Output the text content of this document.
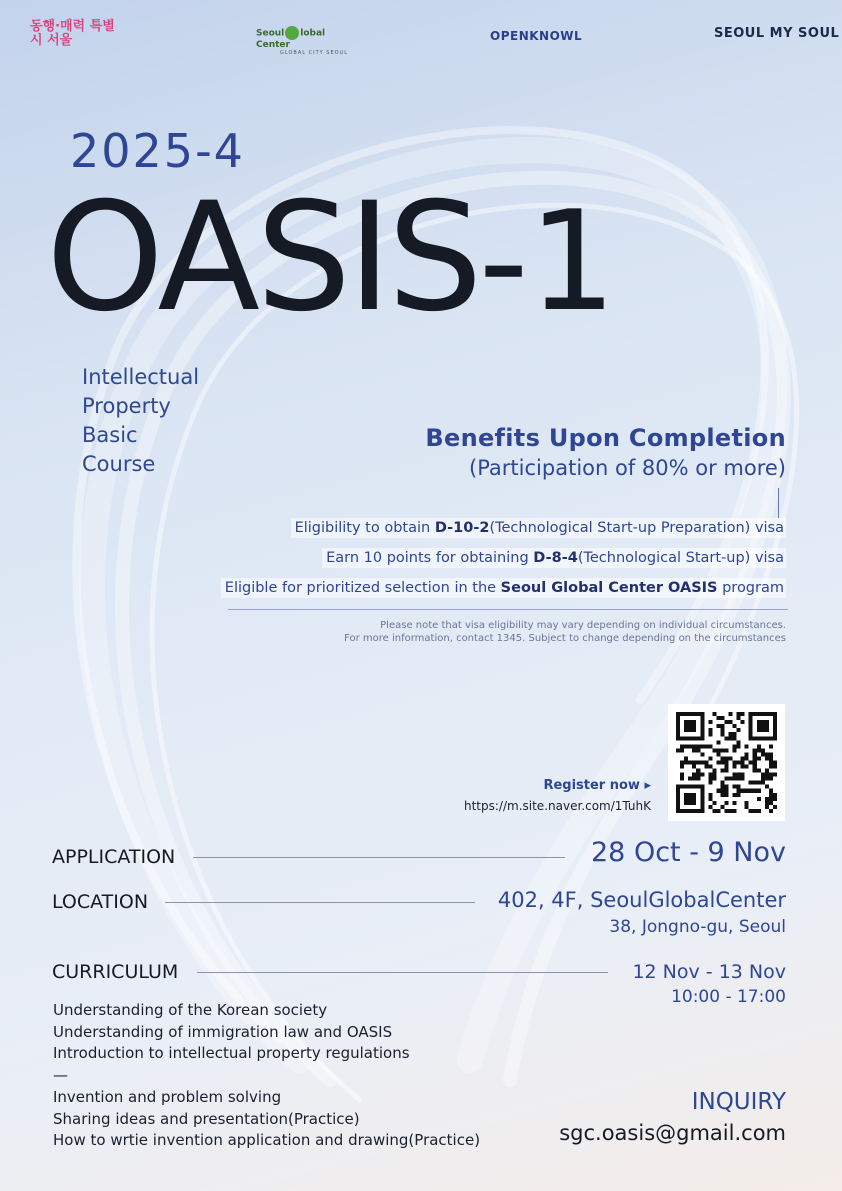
동행·매력 특별시 서울	Seoul lobal Center
GLOBAL CITY SEOUL
OPENKNOWL	SEOUL MY SOUL
2025-4
OASIS-1
Intellectual
Property
Basic
Course
Benefits Upon Completion
(Participation of 80% or more)
Eligibility to obtain D-10-2(Technological Start-up Preparation) visa
Earn 10 points for obtaining D-8-4(Technological Start-up) visa
Eligible for prioritized selection in the Seoul Global Center OASIS program
Please note that visa eligibility may vary depending on individual circumstances.
For more information, contact 1345. Subject to change depending on the circumstances
Register now ▸
https://m.site.naver.com/1TuhK
APPLICATION	28 Oct - 9 Nov
LOCATION	402, 4F, SeoulGlobalCenter
38, Jongno-gu, Seoul
CURRICULUM	12 Nov - 13 Nov
10:00 - 17:00
Understanding of the Korean society
Understanding of immigration law and OASIS
Introduction to intellectual property regulations
—
Invention and problem solving
Sharing ideas and presentation(Practice)
How to wrtie invention application and drawing(Practice)
INQUIRY
sgc.oasis@gmail.com
